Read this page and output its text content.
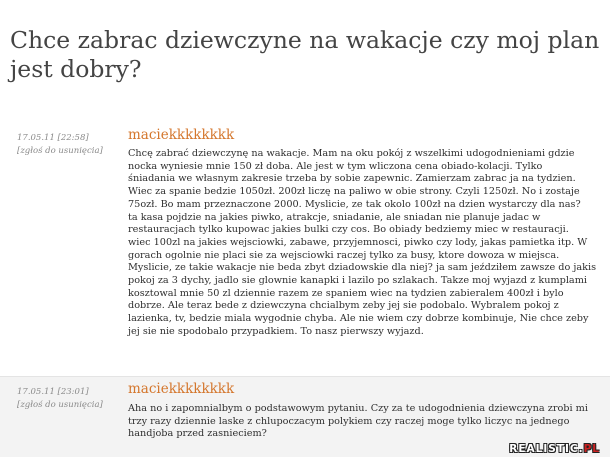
Chce zabrac dziewczyne na wakacje czy moj plan jest dobry?
17.05.11 [22:58]
[zgłoś do usunięcia]
maciekkkkkkkk

Chcę zabrać dziewczynę na wakacje. Mam na oku pokój z wszelkimi udogodnieniami gdzie
nocka wyniesie mnie 150 zł doba. Ale jest w tym wliczona cena obiado-kolacji. Tylko
śniadania we własnym zakresie trzeba by sobie zapewnic. Zamierzam zabrac ja na tydzien.
Wiec za spanie bedzie 1050zł. 200zł liczę na paliwo w obie strony. Czyli 1250zł. No i zostaje
75ozł. Bo mam przeznaczone 2000. Myslicie, ze tak okolo 100zł na dzien wystarczy dla nas?
ta kasa pojdzie na jakies piwko, atrakcje, sniadanie, ale sniadan nie planuje jadac w
restauracjach tylko kupowac jakies bulki czy cos. Bo obiady bedziemy miec w restauracji.
wiec 100zl na jakies wejsciowki, zabawe, przyjemnosci, piwko czy lody, jakas pamietka itp. W
gorach ogolnie nie placi sie za wejsciowki raczej tylko za busy, ktore dowoza w miejsca.
Myslicie, ze takie wakacje nie beda zbyt dziadowskie dla niej? ja sam jeździłem zawsze do jakis
pokoj za 3 dychy, jadlo sie glownie kanapki i lazilo po szlakach. Takze moj wyjazd z kumplami
kosztowal mnie 50 zl dziennie razem ze spaniem wiec na tydzien zabieralem 400zł i bylo
dobrze. Ale teraz bede z dziewczyna chcialbym zeby jej sie podobalo. Wybralem pokoj z
lazienka, tv, bedzie miala wygodnie chyba. Ale nie wiem czy dobrze kombinuje, Nie chce zeby
jej sie nie spodobalo przypadkiem. To nasz pierwszy wyjazd.

17.05.11 [23:01]
[zgłoś do usunięcia]
maciekkkkkkkk

Aha no i zapomnialbym o podstawowym pytaniu. Czy za te udogodnienia dziewczyna zrobi mi
trzy razy dziennie laske z chlupoczacym polykiem czy raczej moge tylko liczyc na jednego
handjoba przed zasnieciem?

REALISTIC.PL
